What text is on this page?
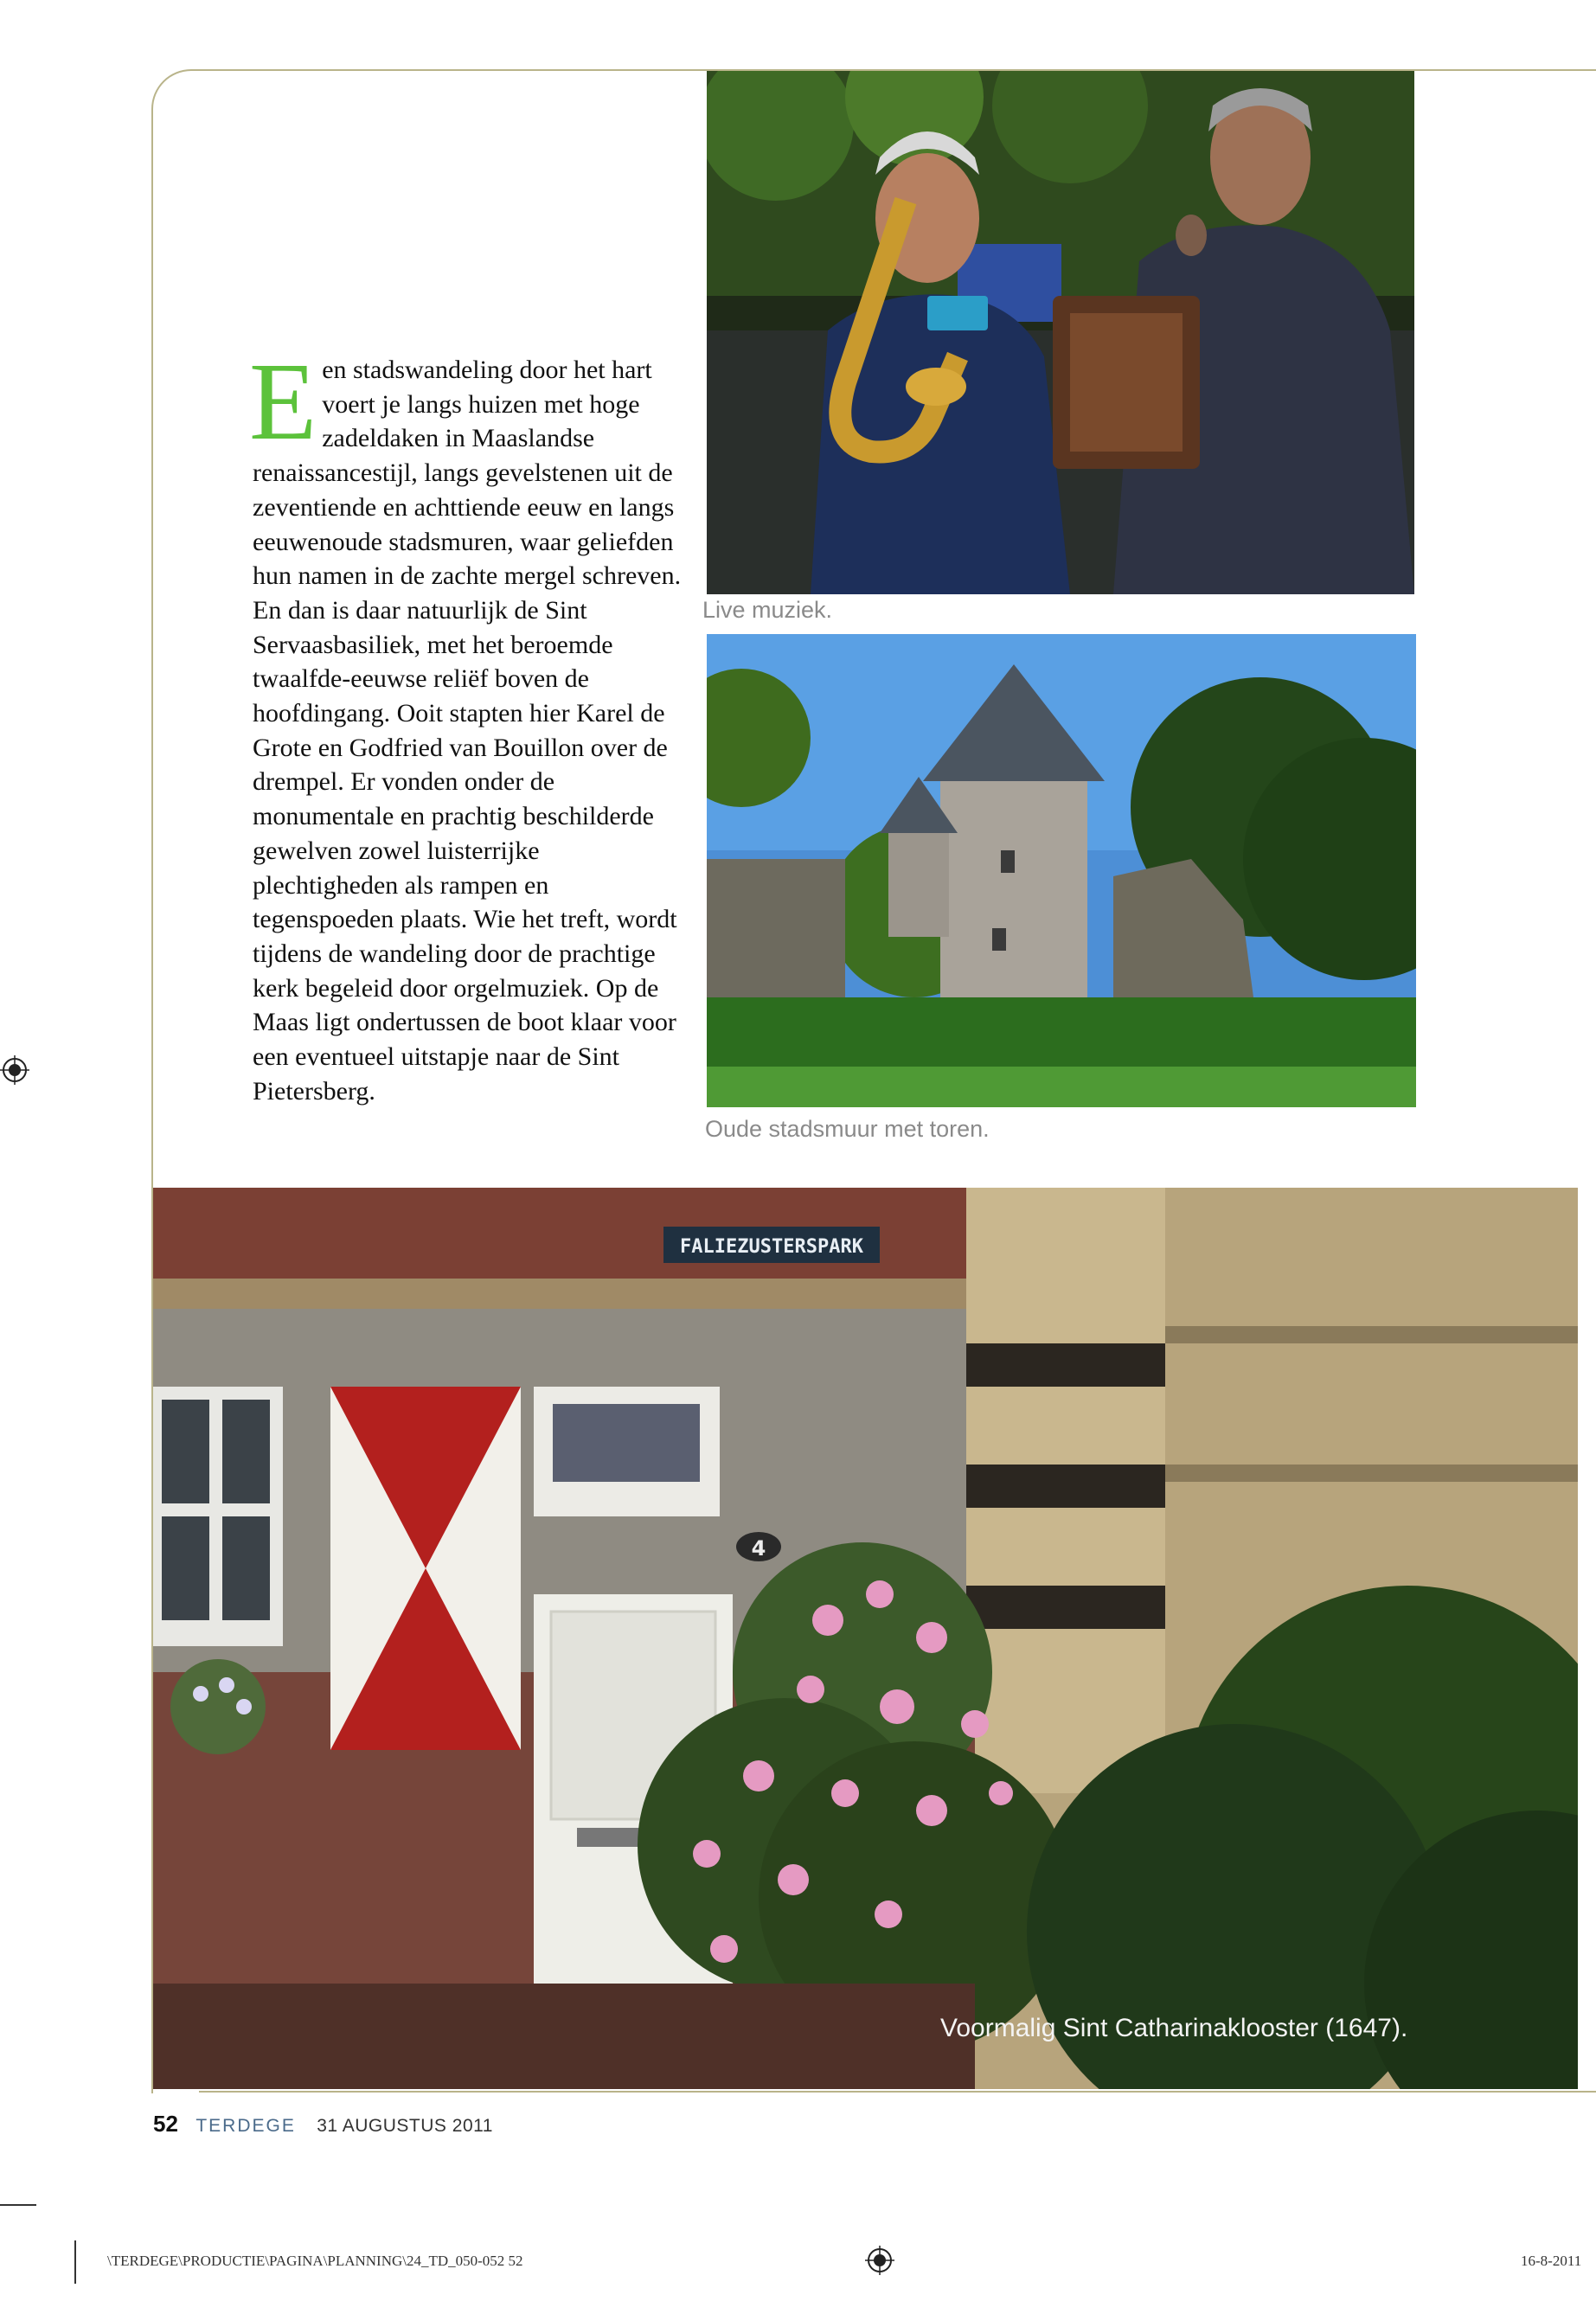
E en stadswandeling door het hart voert je langs huizen met hoge zadeldaken in Maaslandse renaissancestijl, langs gevelstenen uit de zeventiende en achttiende eeuw en langs eeuwenoude stadsmuren, waar geliefden hun namen in de zachte mergel schreven.

En dan is daar natuurlijk de Sint Servaasbasiliek, met het beroemde twaalfde-eeuwse reliëf boven de hoofdingang. Ooit stapten hier Karel de Grote en Godfried van Bouillon over de drempel. Er vonden onder de monumentale en prachtig beschilderde gewelven zowel luisterrijke plechtigheden als rampen en tegenspoeden plaats. Wie het treft, wordt tijdens de wandeling door de prachtige kerk begeleid door orgelmuziek. Op de Maas ligt ondertussen de boot klaar voor een eventueel uitstapje naar de Sint Pietersberg.

Live muziek.
Oude stadsmuur met toren.
4
FALIEZUSTERSPARK
Voormalig Sint Catharinaklooster (1647).
52 TERDEGE 31 AUGUSTUS 2011
\TERDEGE\PRODUCTIE\PAGINA\PLANNING\24_TD_050-052 52	16-8-2011
